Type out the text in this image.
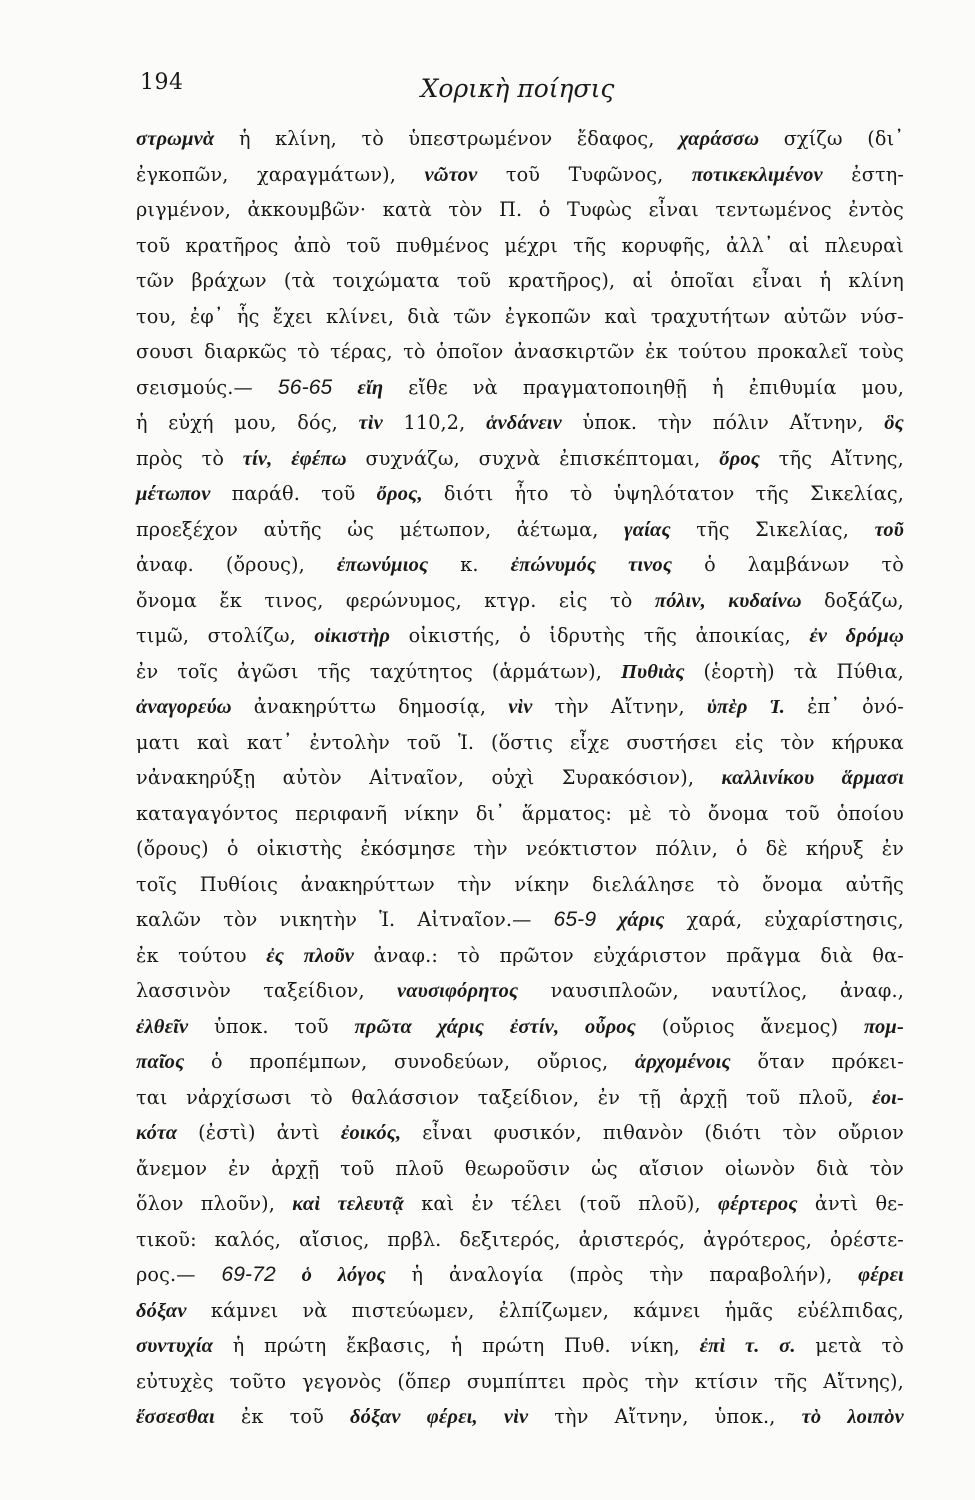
194	Χορικὴ ποίησις
στρωμνὰ ἡ κλίνη, τὸ ὑπεστρωμένον ἔδαφος, χαράσσω σχίζω (δι᾽
ἐγκοπῶν, χαραγμάτων), νῶτον τοῦ Τυφῶνος, ποτικεκλιμένον ἐστη-
ριγμένον, ἀκκουμβῶν· κατὰ τὸν Π. ὁ Τυφὼς εἶναι τεντωμένος ἐντὸς
τοῦ κρατῆρος ἀπὸ τοῦ πυθμένος μέχρι τῆς κορυφῆς, ἀλλ᾽ αἱ πλευραὶ
τῶν βράχων (τὰ τοιχώματα τοῦ κρατῆρος), αἱ ὁποῖαι εἶναι ἡ κλίνη
του, ἐφ᾽ ἧς ἔχει κλίνει, διὰ τῶν ἐγκοπῶν καὶ τραχυτήτων αὐτῶν νύσ-
σουσι διαρκῶς τὸ τέρας, τὸ ὁποῖον ἀνασκιρτῶν ἐκ τούτου προκαλεῖ τοὺς
σεισμούς.— 56-65 εἴη εἴθε νὰ πραγματοποιηθῇ ἡ ἐπιθυμία μου,
ἡ εὐχή μου, δός, τὶν 110,2, ἁνδάνειν ὑποκ. τὴν πόλιν Αἴτνην, ὃς
πρὸς τὸ τίν, ἐφέπω συχνάζω, συχνὰ ἐπισκέπτομαι, ὄρος τῆς Αἴτνης,
μέτωπον παράθ. τοῦ ὄρος, διότι ἦτο τὸ ὑψηλότατον τῆς Σικελίας,
προεξέχον αὐτῆς ὡς μέτωπον, ἀέτωμα, γαίας τῆς Σικελίας, τοῦ
ἀναφ. (ὄρους), ἐπωνύμιος κ. ἐπώνυμός τινος ὁ λαμβάνων τὸ
ὄνομα ἔκ τινος, φερώνυμος, κτγρ. εἰς τὸ πόλιν, κυδαίνω δοξάζω,
τιμῶ, στολίζω, οἰκιστὴρ οἰκιστής, ὁ ἱδρυτὴς τῆς ἀποικίας, ἐν δρόμῳ
ἐν τοῖς ἀγῶσι τῆς ταχύτητος (ἁρμάτων), Πυθιὰς (ἑορτὴ) τὰ Πύθια,
ἀναγορεύω ἀνακηρύττω δημοσίᾳ, νὶν τὴν Αἴτνην, ὑπὲρ Ἱ. ἐπ᾽ ὀνό-
ματι καὶ κατ᾽ ἐντολὴν τοῦ Ἱ. (ὅστις εἶχε συστήσει εἰς τὸν κήρυκα
νἀνακηρύξῃ αὐτὸν Αἰτναῖον, οὐχὶ Συρακόσιον), καλλινίκου ἅρμασι
καταγαγόντος περιφανῆ νίκην δι᾽ ἅρματος: μὲ τὸ ὄνομα τοῦ ὁποίου
(ὄρους) ὁ οἰκιστὴς ἐκόσμησε τὴν νεόκτιστον πόλιν, ὁ δὲ κήρυξ ἐν
τοῖς Πυθίοις ἀνακηρύττων τὴν νίκην διελάλησε τὸ ὄνομα αὐτῆς
καλῶν τὸν νικητὴν Ἱ. Αἰτναῖον.— 65-9 χάρις χαρά, εὐχαρίστησις,
ἐκ τούτου ἐς πλοῦν ἀναφ.: τὸ πρῶτον εὐχάριστον πρᾶγμα διὰ θα-
λασσινὸν ταξείδιον, ναυσιφόρητος ναυσιπλοῶν, ναυτίλος, ἀναφ.,
ἐλθεῖν ὑποκ. τοῦ πρῶτα χάρις ἐστίν, οὖρος (οὔριος ἄνεμος) πομ-
παῖος ὁ προπέμπων, συνοδεύων, οὔριος, ἀρχομένοις ὅταν πρόκει-
ται νἀρχίσωσι τὸ θαλάσσιον ταξείδιον, ἐν τῇ ἀρχῇ τοῦ πλοῦ, ἐοι-
κότα (ἐστὶ) ἀντὶ ἐοικός, εἶναι φυσικόν, πιθανὸν (διότι τὸν οὔριον
ἄνεμον ἐν ἀρχῇ τοῦ πλοῦ θεωροῦσιν ὡς αἴσιον οἰωνὸν διὰ τὸν
ὅλον πλοῦν), καὶ τελευτᾷ καὶ ἐν τέλει (τοῦ πλοῦ), φέρτερος ἀντὶ θε-
τικοῦ: καλός, αἴσιος, πρβλ. δεξιτερός, ἀριστερός, ἀγρότερος, ὀρέστε-
ρος.— 69-72 ὁ λόγος ἡ ἀναλογία (πρὸς τὴν παραβολήν), φέρει
δόξαν κάμνει νὰ πιστεύωμεν, ἐλπίζωμεν, κάμνει ἡμᾶς εὐέλπιδας,
συντυχία ἡ πρώτη ἔκβασις, ἡ πρώτη Πυθ. νίκη, ἐπὶ τ. σ. μετὰ τὸ
εὐτυχὲς τοῦτο γεγονὸς (ὅπερ συμπίπτει πρὸς τὴν κτίσιν τῆς Αἴτνης),
ἔσσεσθαι ἐκ τοῦ δόξαν φέρει, νὶν τὴν Αἴτνην, ὑποκ., τὸ λοιπὸν
